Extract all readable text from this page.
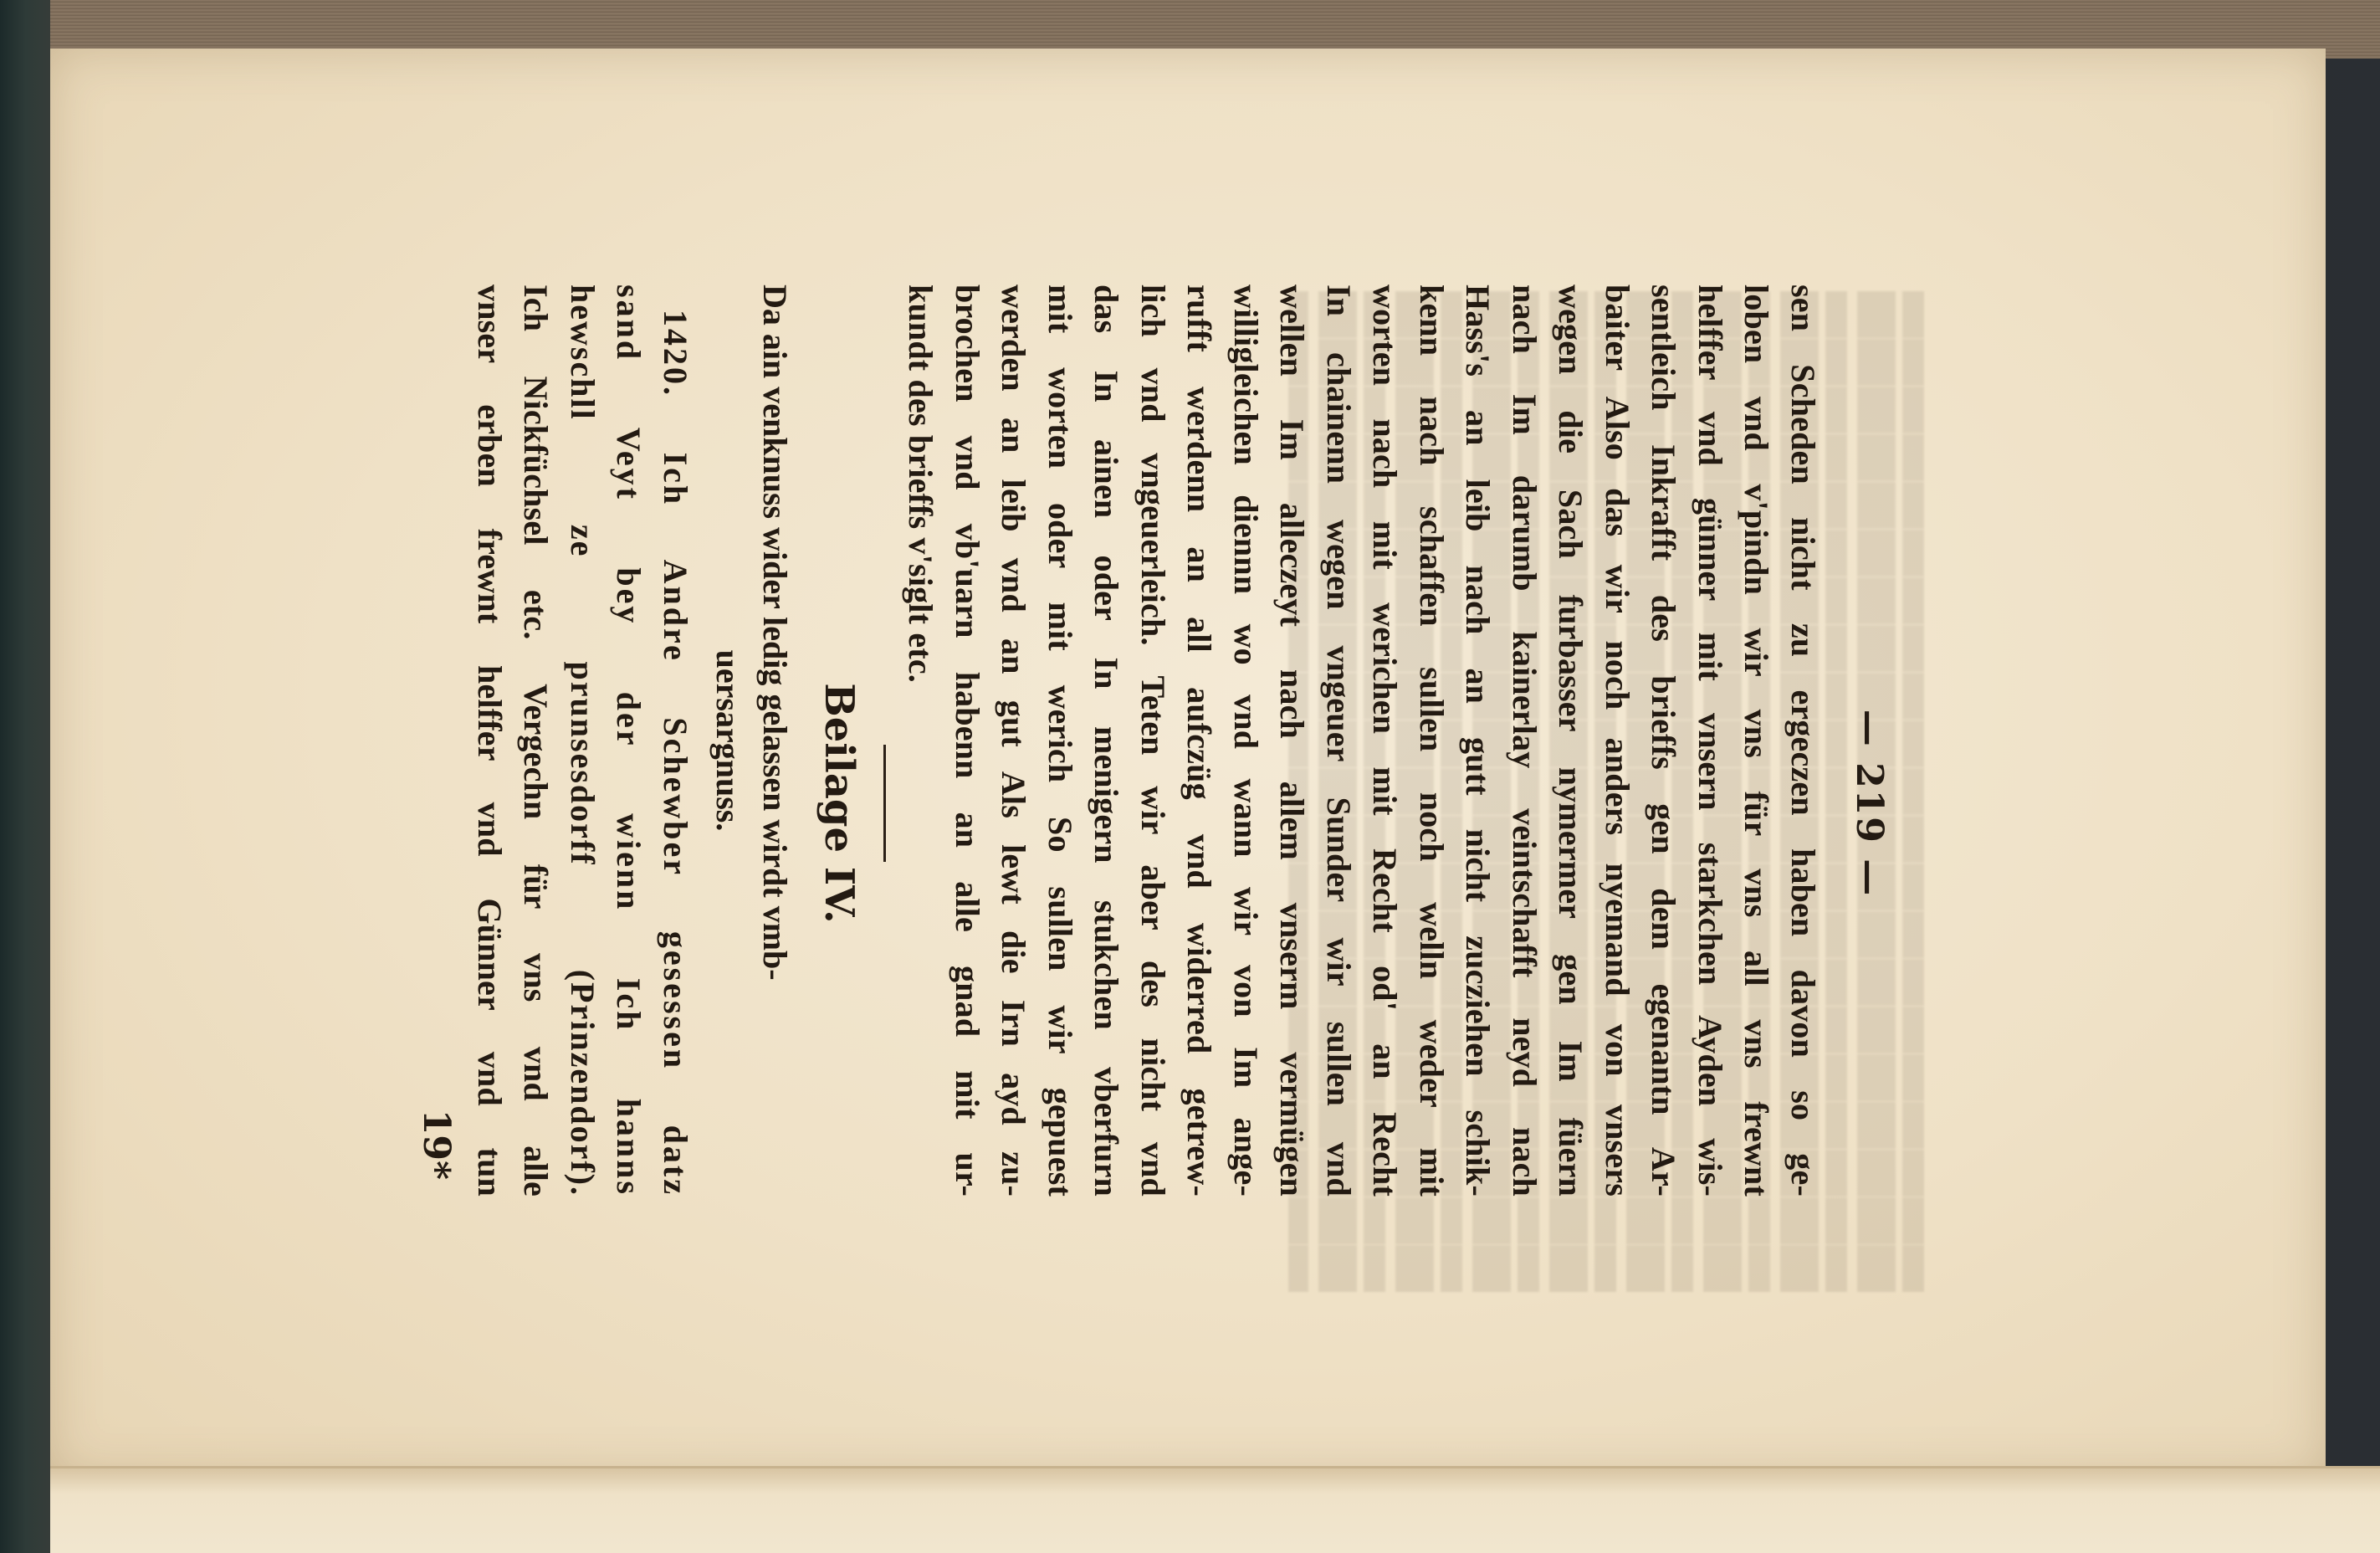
— 219 —
sen Scheden nicht zu ergeczen haben davon so ge-
loben vnd v'pindn wir vns für vns all vns frewnt
helffer vnd günner mit vnsern starkchen Ayden wis-
sentleich Inkrafft des brieffs gen dem egenantn Ar-
baiter Also das wir noch anders nyemand von vnsers
wegen die Sach furbasser nymermer gen Im füern
nach Im darumb kainerlay veintschafft neyd nach
Hass's an leib nach an gutt nicht zucziehen schik-
kenn nach schaffen sullen noch welln weder mit
worten nach mit werichen mit Recht od' an Recht
In chainenn wegen vngeuer Sunder wir sullen vnd
wellen Im alleczeyt nach allem vnserm vermügen
willigleichen diennn wo vnd wann wir von Im ange-
rufft werdenn an all aufczüg vnd widerred getrew-
lich vnd vngeuerleich. Teten wir aber des nicht vnd
das In ainen oder In menigern stukchen vberfurn
mit worten oder mit werich So sullen wir gepuest
werden an leib vnd an gut Als lewt die Irn ayd zu-
brochen vnd vb'uarn habenn an alle gnad mit ur-
kundt des brieffs v'siglt etc.
Beilage IV.
Da ain venknuss wider ledig gelassen wirdt vmb-
uersargnuss.
1420. Ich Andre Schewber gesessen datz
sand Veyt bey der wienn Ich hanns
hewschll ze prunsesdorff (Prinzendorf).
Ich Nickfüchsel etc. Vergechn für vns vnd alle
vnser erben frewnt helffer vnd Günner vnd tun
19*
